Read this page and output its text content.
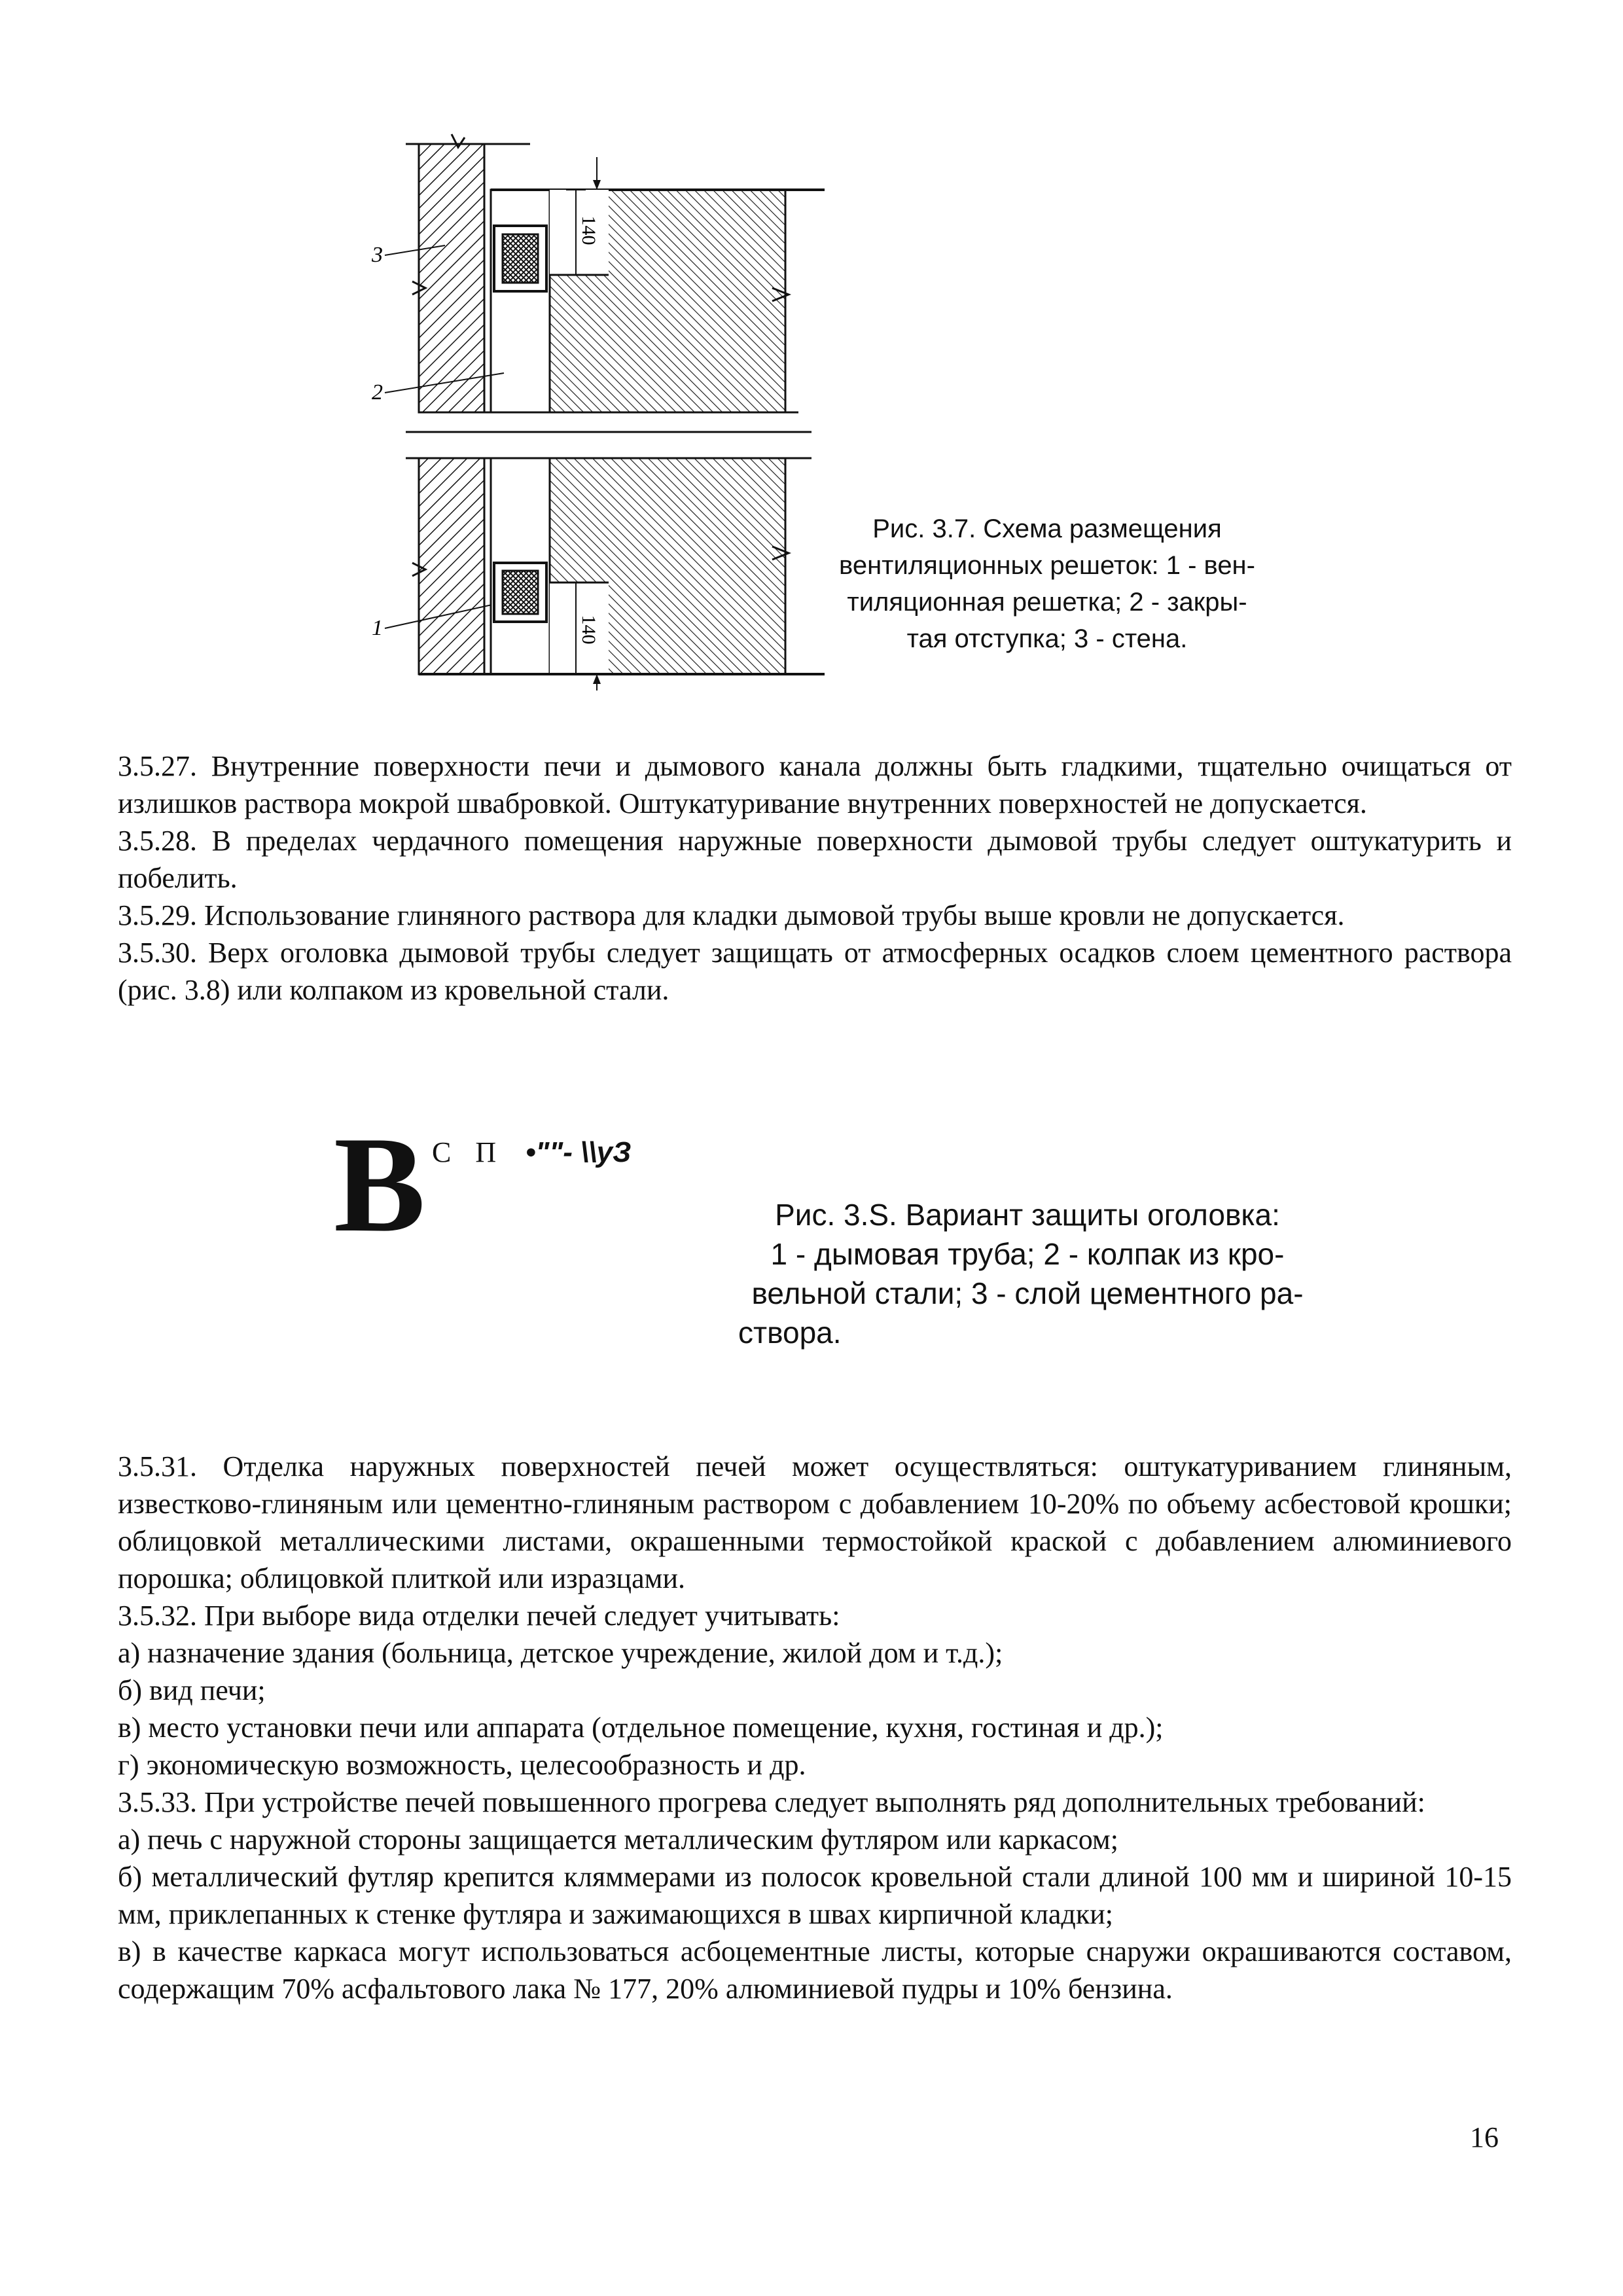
140
3
2
1	140
Рис. 3.7. Схема размещения
вентиляционных решеток: 1 - вен-
тиляционная решетка; 2 - закры-
тая отступка; 3 - стена.

3.5.27. Внутренние поверхности печи и дымового канала должны быть гладкими, тщательно очищаться от излишков раствора мокрой швабровкой. Оштукатуривание внутренних поверхностей не допускается.

3.5.28. В пределах чердачного помещения наружные поверхности дымовой трубы следует оштукатурить и побелить.

3.5.29. Использование глиняного раствора для кладки дымовой трубы выше кровли не допускается.

3.5.30. Верх оголовка дымовой трубы следует защищать от атмосферных осадков слоем цементного раствора (рис. 3.8) или колпаком из кровельной стали.

В С П •""- \\уЗ
Рис. 3.S. Вариант защиты оголовка:
1 - дымовая труба; 2 - колпак из кро-
вельной стали; 3 - слой цементного ра-
створа.

3.5.31. Отделка наружных поверхностей печей может осуществляться: оштукатуриванием глиняным, известково-глиняным или цементно-глиняным раствором с добавлением 10-20% по объему асбестовой крошки; облицовкой металлическими листами, окрашенными термостойкой краской с добавлением алюминиевого порошка; облицовкой плиткой или изразцами.

3.5.32. При выборе вида отделки печей следует учитывать:

а) назначение здания (больница, детское учреждение, жилой дом и т.д.);

б) вид печи;

в) место установки печи или аппарата (отдельное помещение, кухня, гостиная и др.);

г) экономическую возможность, целесообразность и др.

3.5.33. При устройстве печей повышенного прогрева следует выполнять ряд дополнительных требований:

а) печь с наружной стороны защищается металлическим футляром или каркасом;

б) металлический футляр крепится кляммерами из полосок кровельной стали длиной 100 мм и шириной 10-15 мм, приклепанных к стенке футляра и зажимающихся в швах кирпичной кладки;

в) в качестве каркаса могут использоваться асбоцементные листы, которые снаружи окрашиваются составом, содержащим 70% асфальтового лака № 177, 20% алюминиевой пудры и 10% бензина.

16
